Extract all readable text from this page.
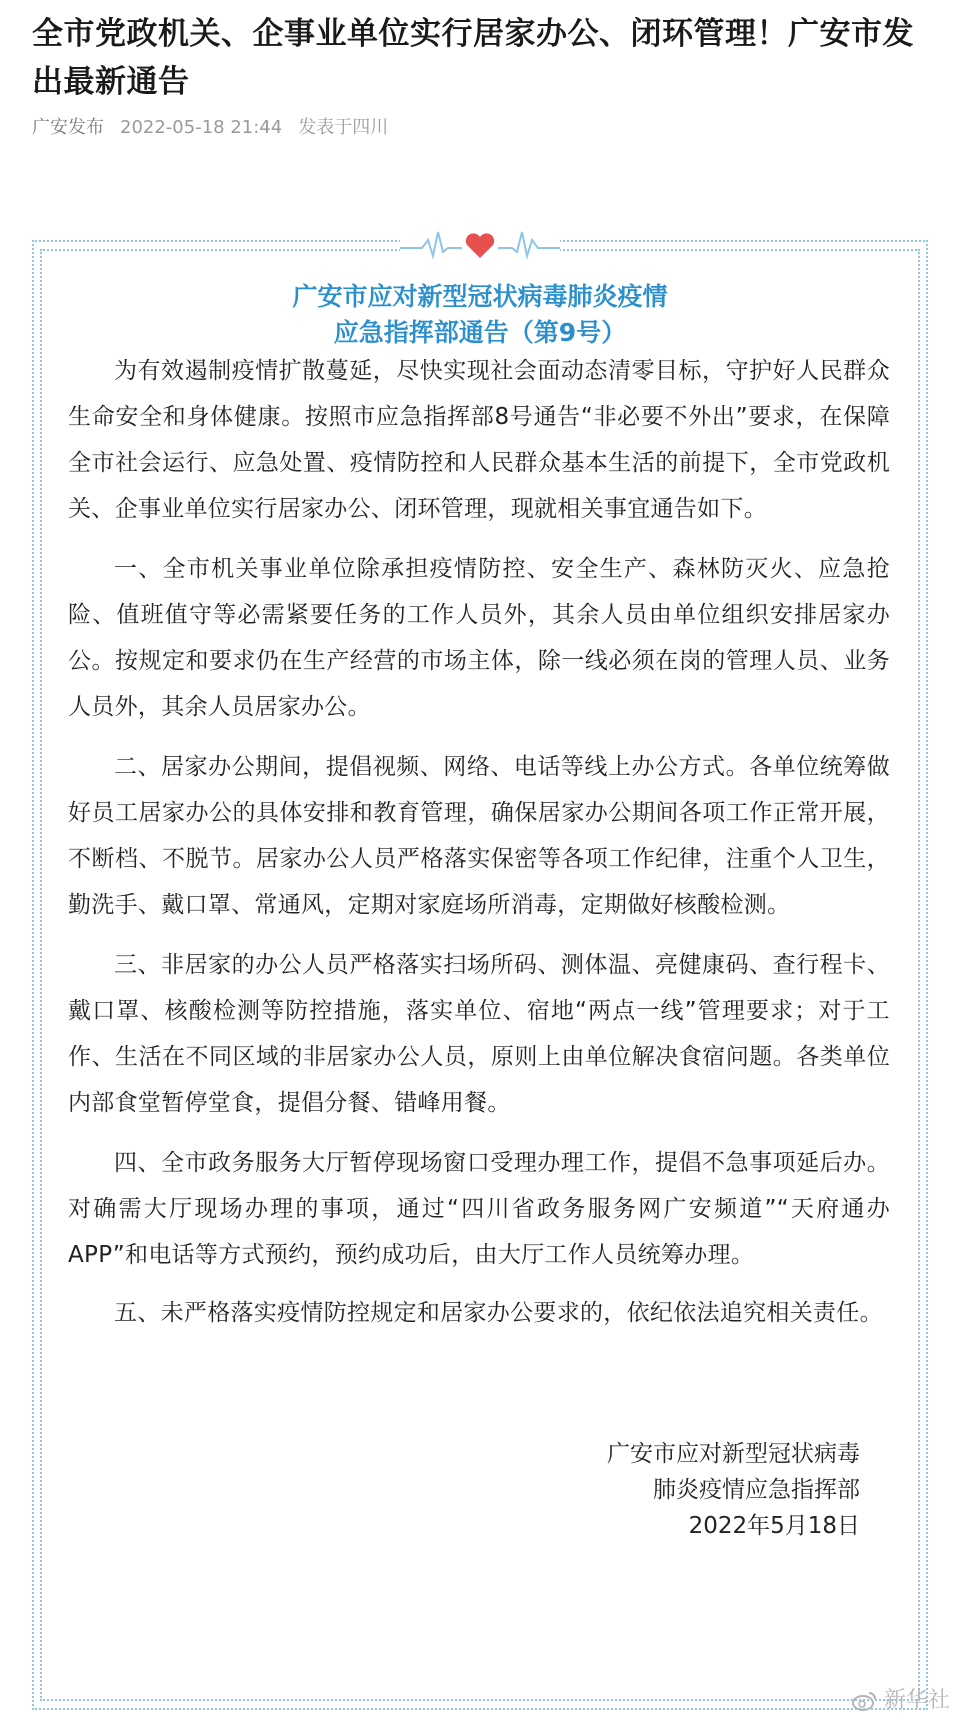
全市党政机关、企事业单位实行居家办公、闭环管理！广安市发出最新通告
广安发布 2022-05-18 21:44 发表于四川
广安市应对新型冠状病毒肺炎疫情
应急指挥部通告（第9号）

为有效遏制疫情扩散蔓延，尽快实现社会面动态清零目标，守护好人民群众生命安全和身体健康。按照市应急指挥部8号通告“非必要不外出”要求，在保障全市社会运行、应急处置、疫情防控和人民群众基本生活的前提下，全市党政机关、企事业单位实行居家办公、闭环管理，现就相关事宜通告如下。

一、全市机关事业单位除承担疫情防控、安全生产、森林防灭火、应急抢险、值班值守等必需紧要任务的工作人员外，其余人员由单位组织安排居家办公。按规定和要求仍在生产经营的市场主体，除一线必须在岗的管理人员、业务人员外，其余人员居家办公。

二、居家办公期间，提倡视频、网络、电话等线上办公方式。各单位统筹做好员工居家办公的具体安排和教育管理，确保居家办公期间各项工作正常开展，不断档、不脱节。居家办公人员严格落实保密等各项工作纪律，注重个人卫生，勤洗手、戴口罩、常通风，定期对家庭场所消毒，定期做好核酸检测。

三、非居家的办公人员严格落实扫场所码、测体温、亮健康码、查行程卡、戴口罩、核酸检测等防控措施，落实单位、宿地“两点一线”管理要求；对于工作、生活在不同区域的非居家办公人员，原则上由单位解决食宿问题。各类单位内部食堂暂停堂食，提倡分餐、错峰用餐。

四、全市政务服务大厅暂停现场窗口受理办理工作，提倡不急事项延后办。对确需大厅现场办理的事项，通过“四川省政务服务网广安频道”“天府通办APP”和电话等方式预约，预约成功后，由大厅工作人员统筹办理。

五、未严格落实疫情防控规定和居家办公要求的，依纪依法追究相关责任。

广安市应对新型冠状病毒
肺炎疫情应急指挥部
2022年5月18日
新华社
